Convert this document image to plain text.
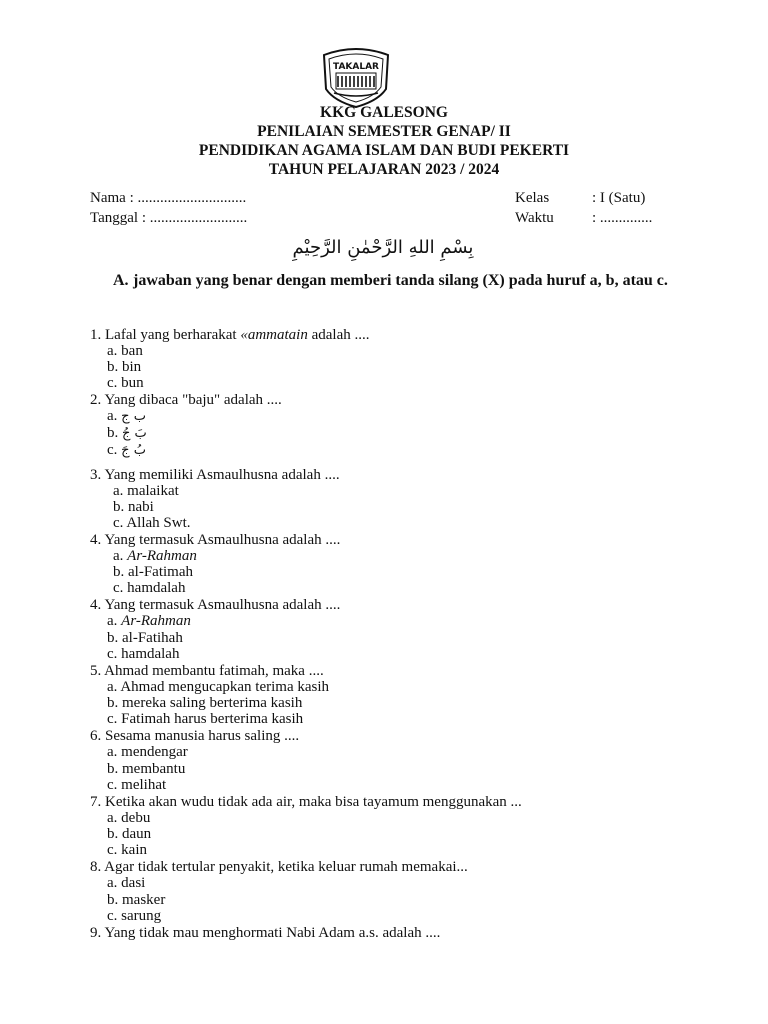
TAKALAR
KKG GALESONG
PENILAIAN SEMESTER GENAP/ II
PENDIDIKAN AGAMA ISLAM DAN BUDI PEKERTI
TAHUN PELAJARAN 2023 / 2024
Nama : .............................
Tanggal : ..........................
Kelas	: I (Satu)
Waktu	: ..............
بِسْمِ اللهِ الرَّحْمٰنِ الرَّحِيْمِ
A. jawaban yang benar dengan memberi tanda silang (X) pada huruf a, b, atau c.
1. Lafal yang berharakat «ammatain adalah ....
a. ban
b. bin
c. bun
2. Yang dibaca "baju" adalah ....
a. ب ج
b. بَ جُ
c. بُ جَ
3. Yang memiliki Asmaulhusna adalah ....
a. malaikat
b. nabi
c. Allah Swt.
4. Yang termasuk Asmaulhusna adalah ....
a. Ar-Rahman
b. al-Fatimah
c. hamdalah
4. Yang termasuk Asmaulhusna adalah ....
a. Ar-Rahman
b. al-Fatihah
c. hamdalah
5. Ahmad membantu fatimah, maka ....
a. Ahmad mengucapkan terima kasih
b. mereka saling berterima kasih
c. Fatimah harus berterima kasih
6. Sesama manusia harus saling ....
a. mendengar
b. membantu
c. melihat
7. Ketika akan wudu tidak ada air, maka bisa tayamum menggunakan ...
a. debu
b. daun
c. kain
8. Agar tidak tertular penyakit, ketika keluar rumah memakai...
a. dasi
b. masker
c. sarung
9. Yang tidak mau menghormati Nabi Adam a.s. adalah ....
